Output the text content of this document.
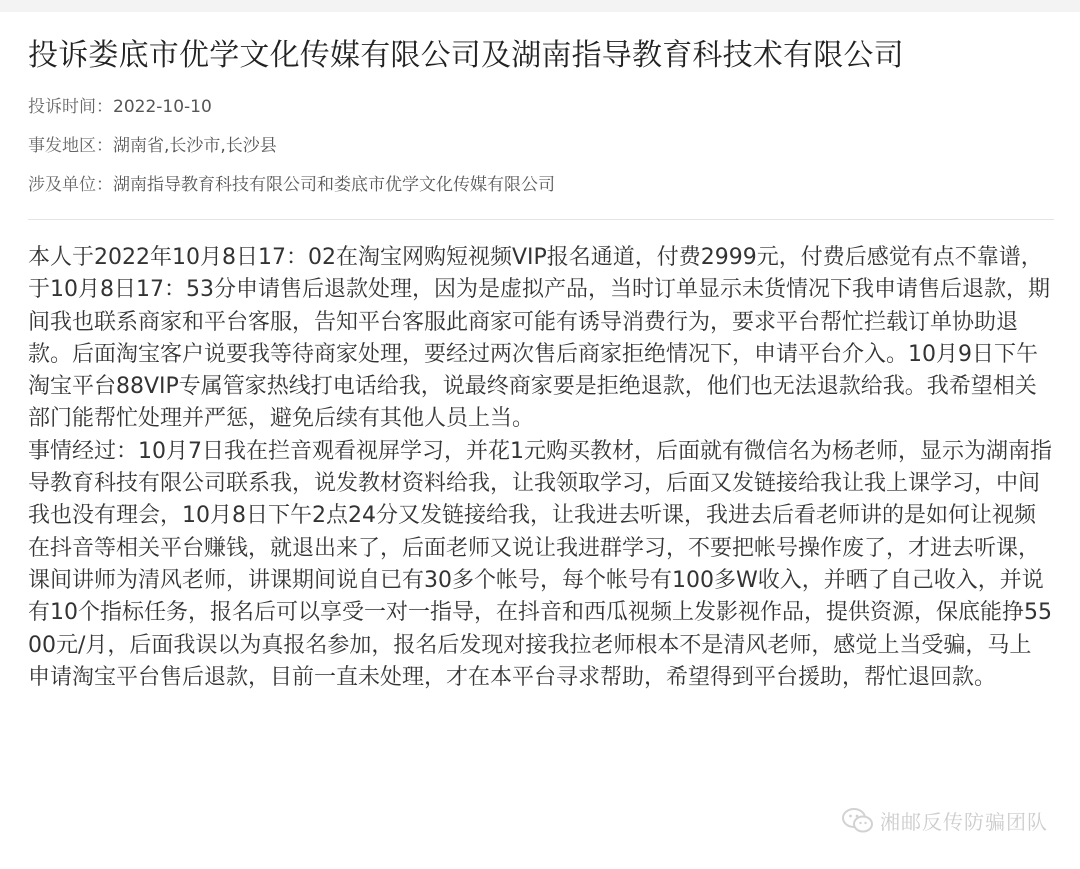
投诉娄底市优学文化传媒有限公司及湖南指导教育科技术有限公司
投诉时间：2022-10-10
事发地区：湖南省,长沙市,长沙县
涉及单位：湖南指导教育科技有限公司和娄底市优学文化传媒有限公司

本人于2022年10月8日17：02在淘宝网购短视频VIP报名通道，付费2999元，付费后感觉有点不靠谱，于10月8日17：53分申请售后退款处理，因为是虚拟产品，当时订单显示未货情况下我申请售后退款，期间我也联系商家和平台客服，告知平台客服此商家可能有诱导消费行为，要求平台帮忙拦载订单协助退款。后面淘宝客户说要我等待商家处理，要经过两次售后商家拒绝情况下，申请平台介入。10月9日下午淘宝平台88VIP专属管家热线打电话给我，说最终商家要是拒绝退款，他们也无法退款给我。我希望相关部门能帮忙处理并严惩，避免后续有其他人员上当。

事情经过：10月7日我在拦音观看视屏学习，并花1元购买教材，后面就有微信名为杨老师，显示为湖南指导教育科技有限公司联系我，说发教材资料给我，让我领取学习，后面又发链接给我让我上课学习，中间我也没有理会，10月8日下午2点24分又发链接给我，让我进去听课，我进去后看老师讲的是如何让视频在抖音等相关平台赚钱，就退出来了，后面老师又说让我进群学习，不要把帐号操作废了，才进去听课，课间讲师为清风老师，讲课期间说自已有30多个帐号，每个帐号有100多W收入，并晒了自己收入，并说有10个指标任务，报名后可以享受一对一指导，在抖音和西瓜视频上发影视作品，提供资源，保底能挣5500元/月，后面我误以为真报名参加，报名后发现对接我拉老师根本不是清风老师，感觉上当受骗，马上申请淘宝平台售后退款，目前一直未处理，才在本平台寻求帮助，希望得到平台援助，帮忙退回款。

湘邮反传防骗团队
